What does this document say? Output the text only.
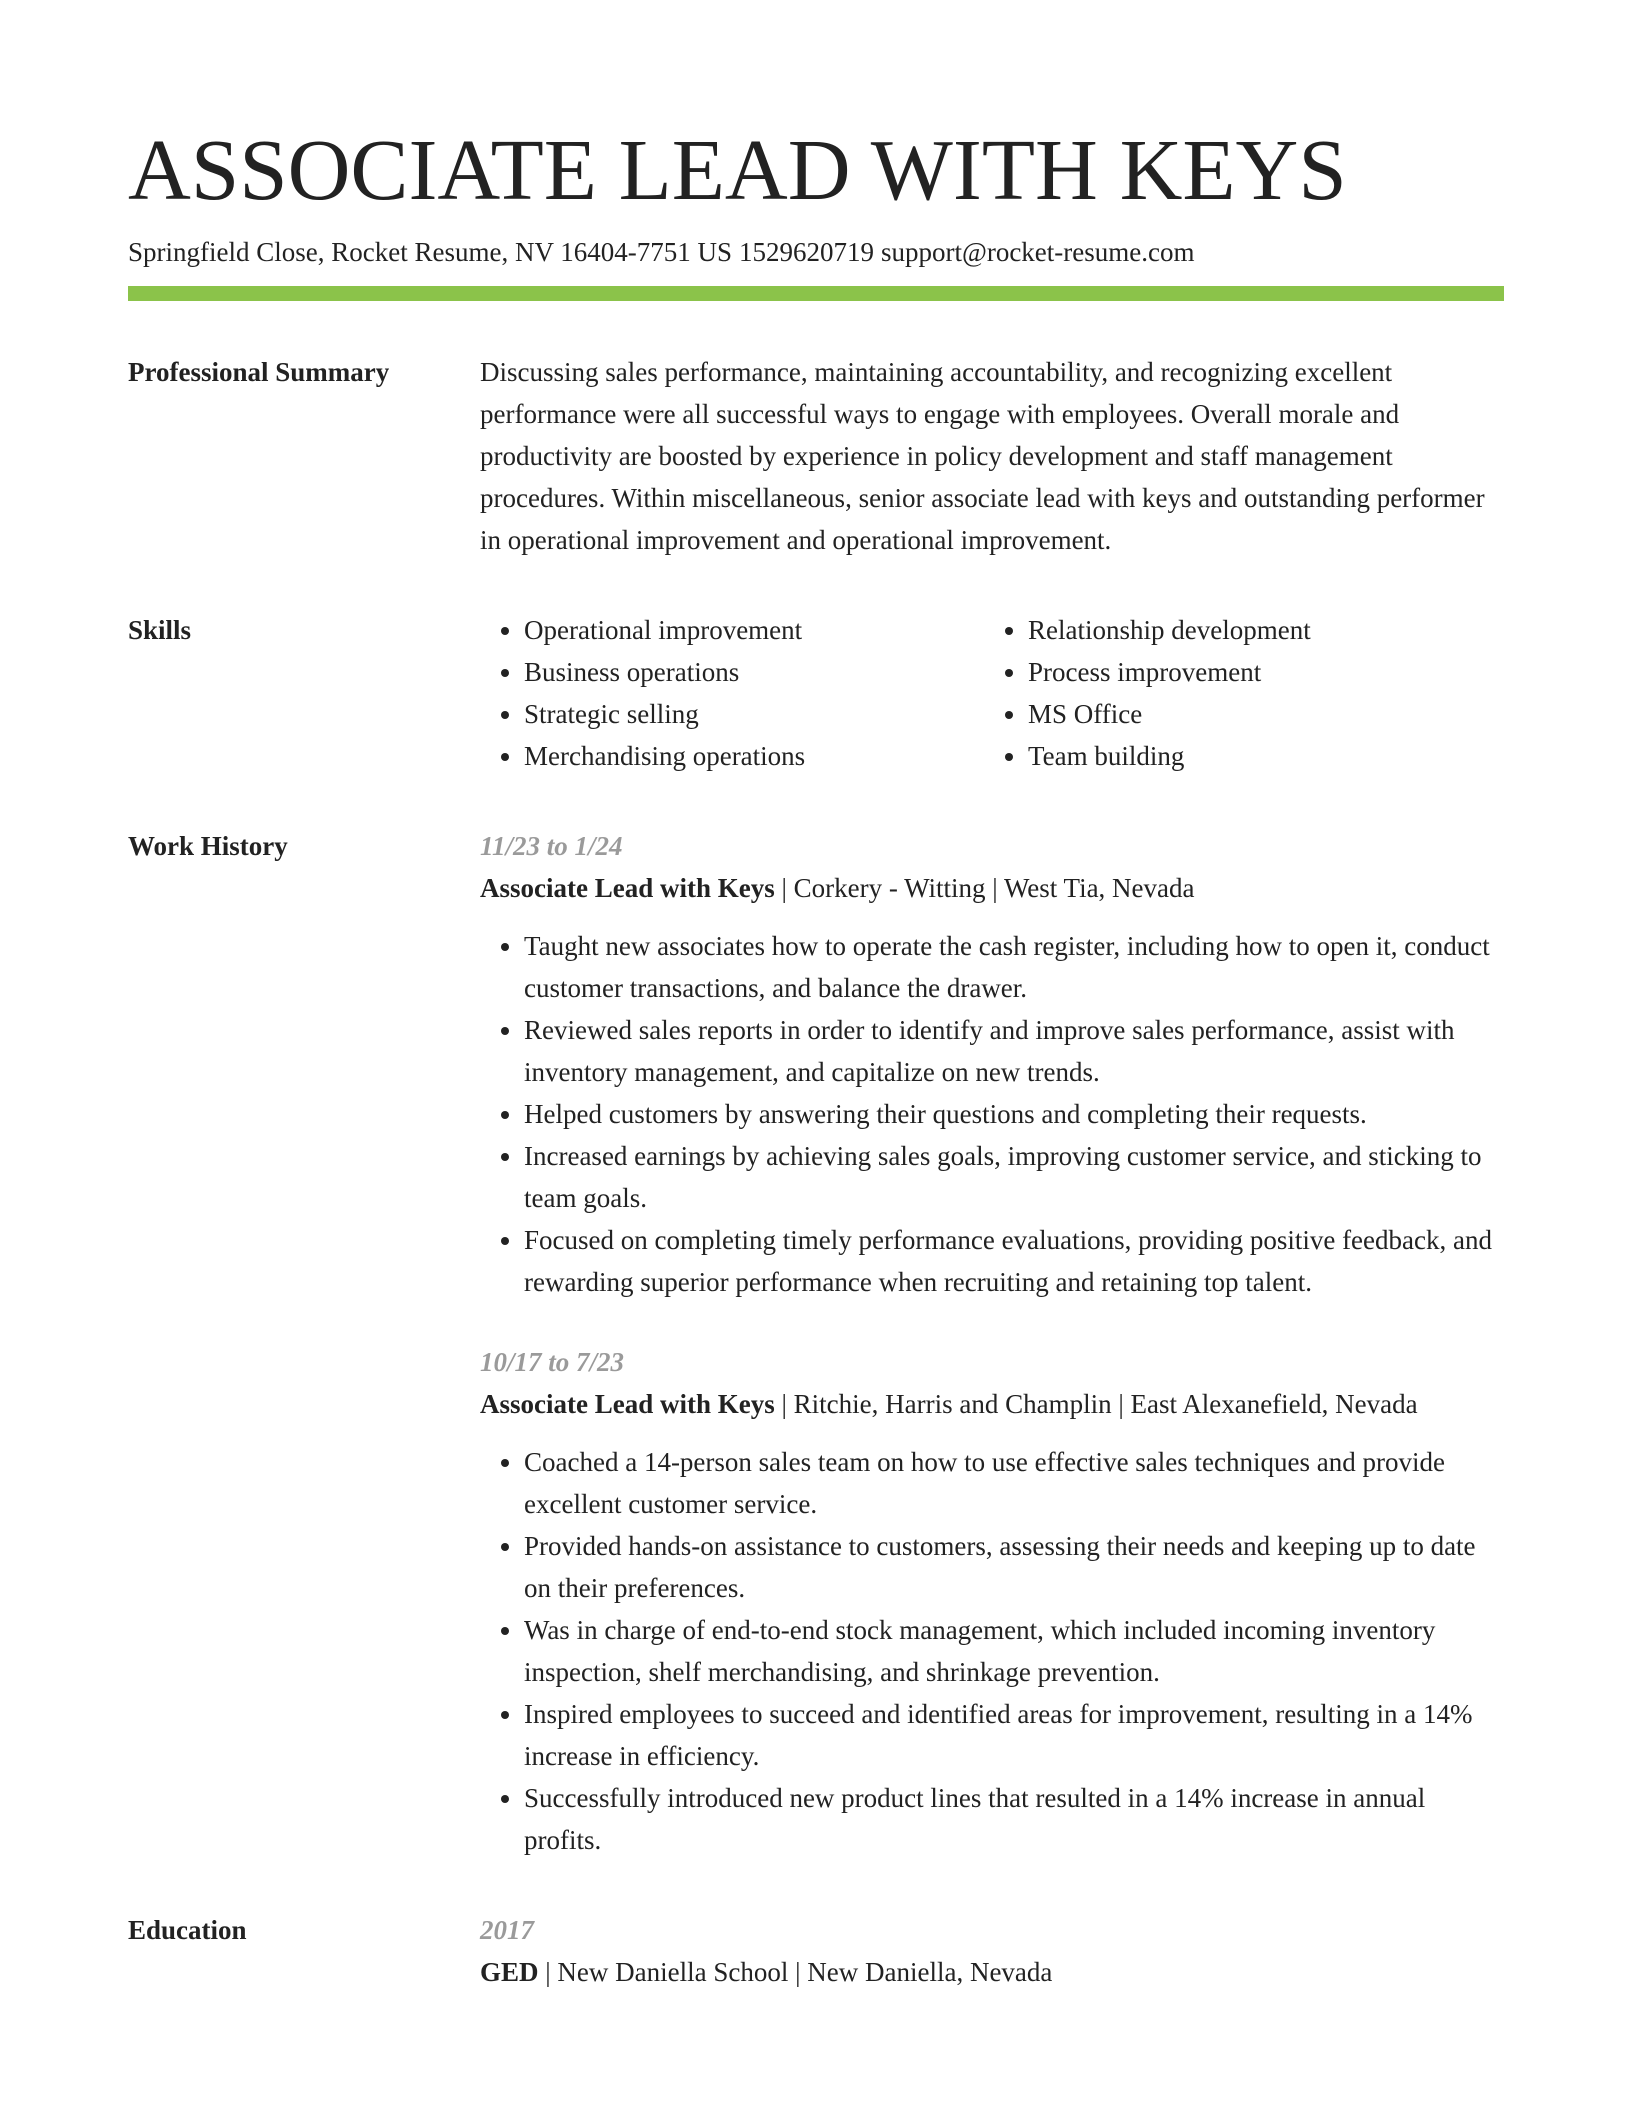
ASSOCIATE LEAD WITH KEYS
Springfield Close, Rocket Resume, NV 16404-7751 US 1529620719 support@rocket-resume.com
Professional Summary	Discussing sales performance, maintaining accountability, and recognizing excellent performance were all successful ways to engage with employees. Overall morale and productivity are boosted by experience in policy development and staff management procedures. Within miscellaneous, senior associate lead with keys and outstanding performer in operational improvement and operational improvement.

Skills
•	Operational improvement
• Business operations
• Strategic selling
• Merchandising operations
• Relationship development
• Process improvement
• MS Office
• Team building
Work History	11/23 to 1/24
Associate Lead with Keys | Corkery - Witting | West Tia, Nevada
• Taught new associates how to operate the cash register, including how to open it, conduct customer transactions, and balance the drawer.
• Reviewed sales reports in order to identify and improve sales performance, assist with inventory management, and capitalize on new trends.
• Helped customers by answering their questions and completing their requests.
• Increased earnings by achieving sales goals, improving customer service, and sticking to team goals.
• Focused on completing timely performance evaluations, providing positive feedback, and rewarding superior performance when recruiting and retaining top talent.
10/17 to 7/23
Associate Lead with Keys | Ritchie, Harris and Champlin | East Alexanefield, Nevada
• Coached a 14-person sales team on how to use effective sales techniques and provide excellent customer service.
• Provided hands-on assistance to customers, assessing their needs and keeping up to date on their preferences.
• Was in charge of end-to-end stock management, which included incoming inventory inspection, shelf merchandising, and shrinkage prevention.
• Inspired employees to succeed and identified areas for improvement, resulting in a 14% increase in efficiency.
• Successfully introduced new product lines that resulted in a 14% increase in annual profits.
Education	2017
GED | New Daniella School | New Daniella, Nevada
